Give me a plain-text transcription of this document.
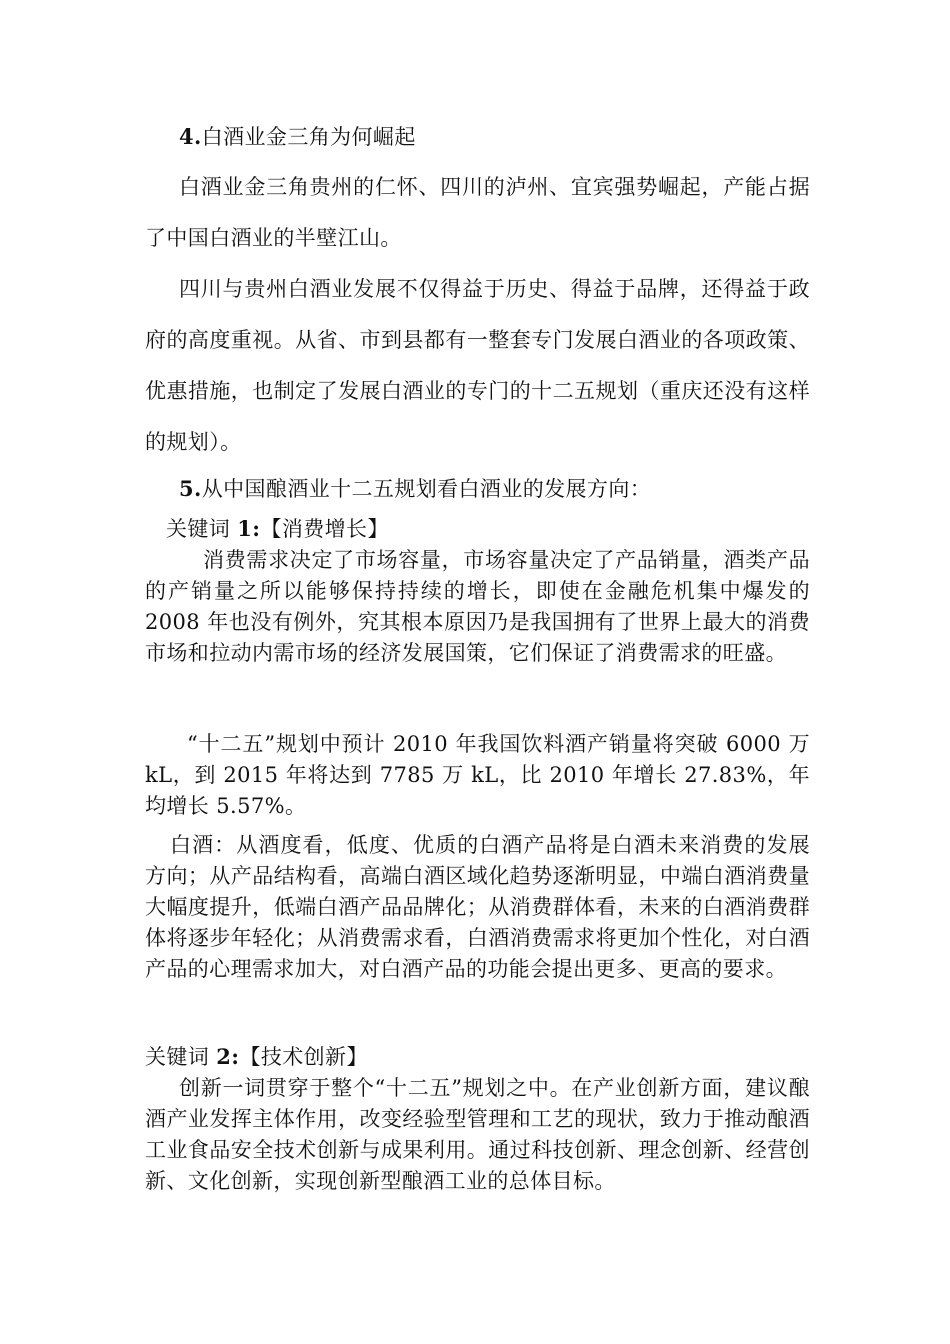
4.白酒业金三角为何崛起

白酒业金三角贵州的仁怀、四川的泸州、宜宾强势崛起，产能占据了中国白酒业的半壁江山。

四川与贵州白酒业发展不仅得益于历史、得益于品牌，还得益于政府的高度重视。从省、市到县都有一整套专门发展白酒业的各项政策、优惠措施，也制定了发展白酒业的专门的十二五规划（重庆还没有这样的规划）。

5.从中国酿酒业十二五规划看白酒业的发展方向：

关键词 1:【消费增长】

消费需求决定了市场容量，市场容量决定了产品销量，酒类产品的产销量之所以能够保持持续的增长，即使在金融危机集中爆发的2008 年也没有例外，究其根本原因乃是我国拥有了世界上最大的消费市场和拉动内需市场的经济发展国策，它们保证了消费需求的旺盛。

“十二五”规划中预计 2010 年我国饮料酒产销量将突破 6000 万kL，到 2015 年将达到 7785 万 kL，比 2010 年增长 27.83%，年均增长 5.57%。

白酒：从酒度看，低度、优质的白酒产品将是白酒未来消费的发展方向；从产品结构看，高端白酒区域化趋势逐渐明显，中端白酒消费量大幅度提升，低端白酒产品品牌化；从消费群体看，未来的白酒消费群体将逐步年轻化；从消费需求看，白酒消费需求将更加个性化，对白酒产品的心理需求加大，对白酒产品的功能会提出更多、更高的要求。

关键词 2:【技术创新】

创新一词贯穿于整个“十二五”规划之中。在产业创新方面，建议酿酒产业发挥主体作用，改变经验型管理和工艺的现状，致力于推动酿酒工业食品安全技术创新与成果利用。通过科技创新、理念创新、经营创新、文化创新，实现创新型酿酒工业的总体目标。
